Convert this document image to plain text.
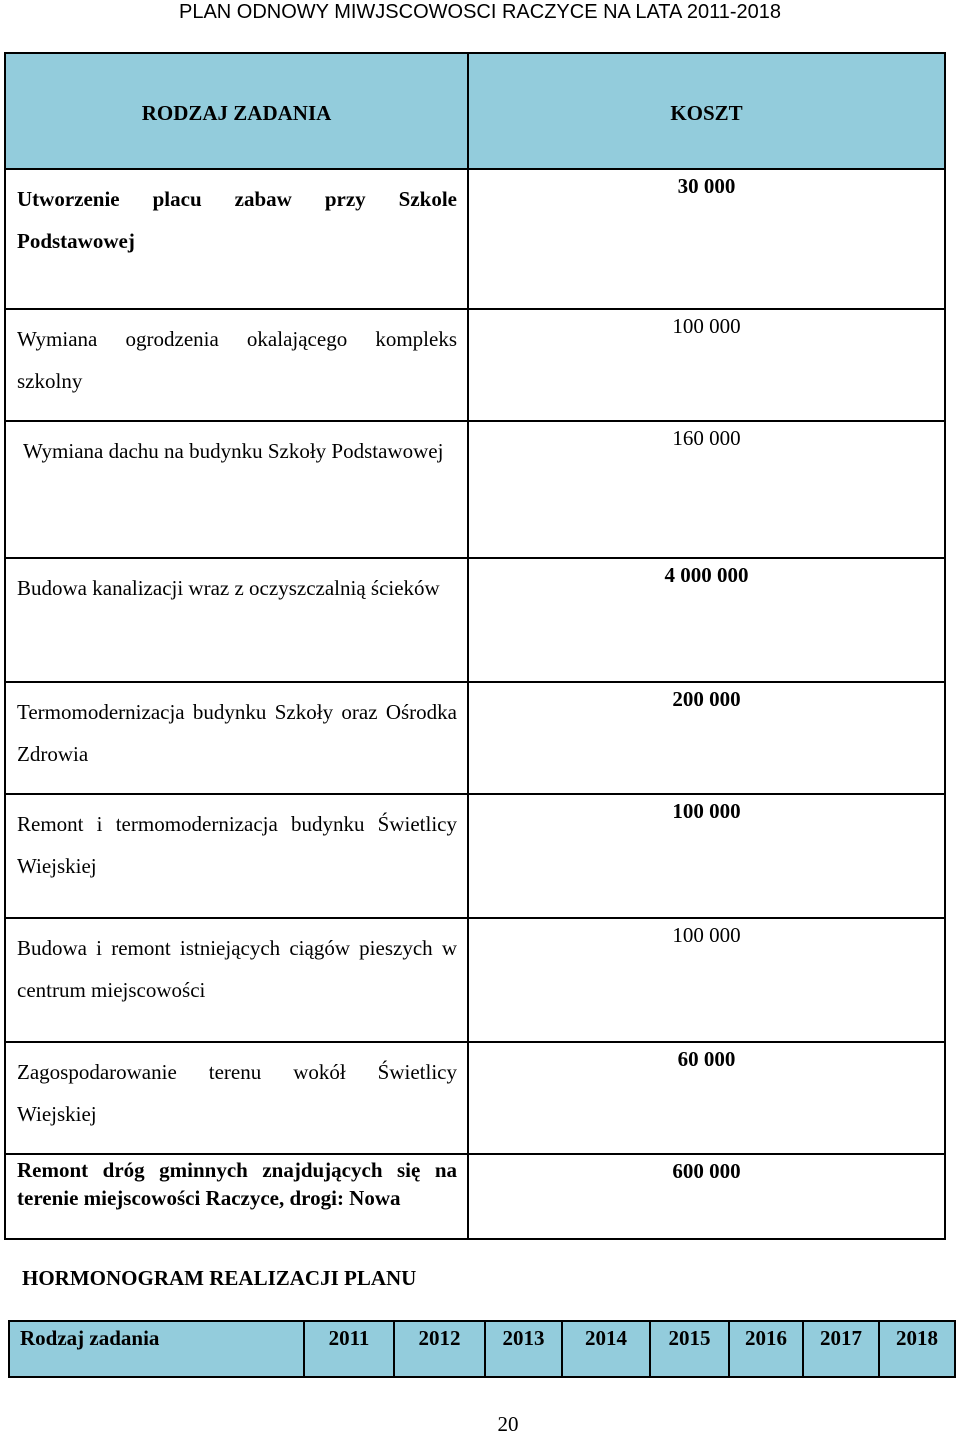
PLAN ODNOWY MIWJSCOWOSCI RACZYCE NA LATA 2011-2018
RODZAJ ZADANIA	KOSZT
Utworzenie placu zabaw przy Szkole Podstawowej	30 000
Wymiana ogrodzenia okalającego kompleks szkolny	100 000
Wymiana dachu na budynku Szkoły Podstawowej	160 000
Budowa kanalizacji wraz z oczyszczalnią ścieków	4 000 000
Termomodernizacja budynku Szkoły oraz Ośrodka Zdrowia	200 000
Remont i termomodernizacja budynku Świetlicy Wiejskiej	100 000
Budowa i remont istniejących ciągów pieszych w centrum miejscowości	100 000
Zagospodarowanie terenu wokół Świetlicy Wiejskiej	60 000
Remont dróg gminnych znajdujących się na terenie miejscowości Raczyce, drogi: Nowa	600 000
HORMONOGRAM REALIZACJI PLANU
Rodzaj zadania	2011	2012	2013	2014	2015	2016	2017	2018
20
